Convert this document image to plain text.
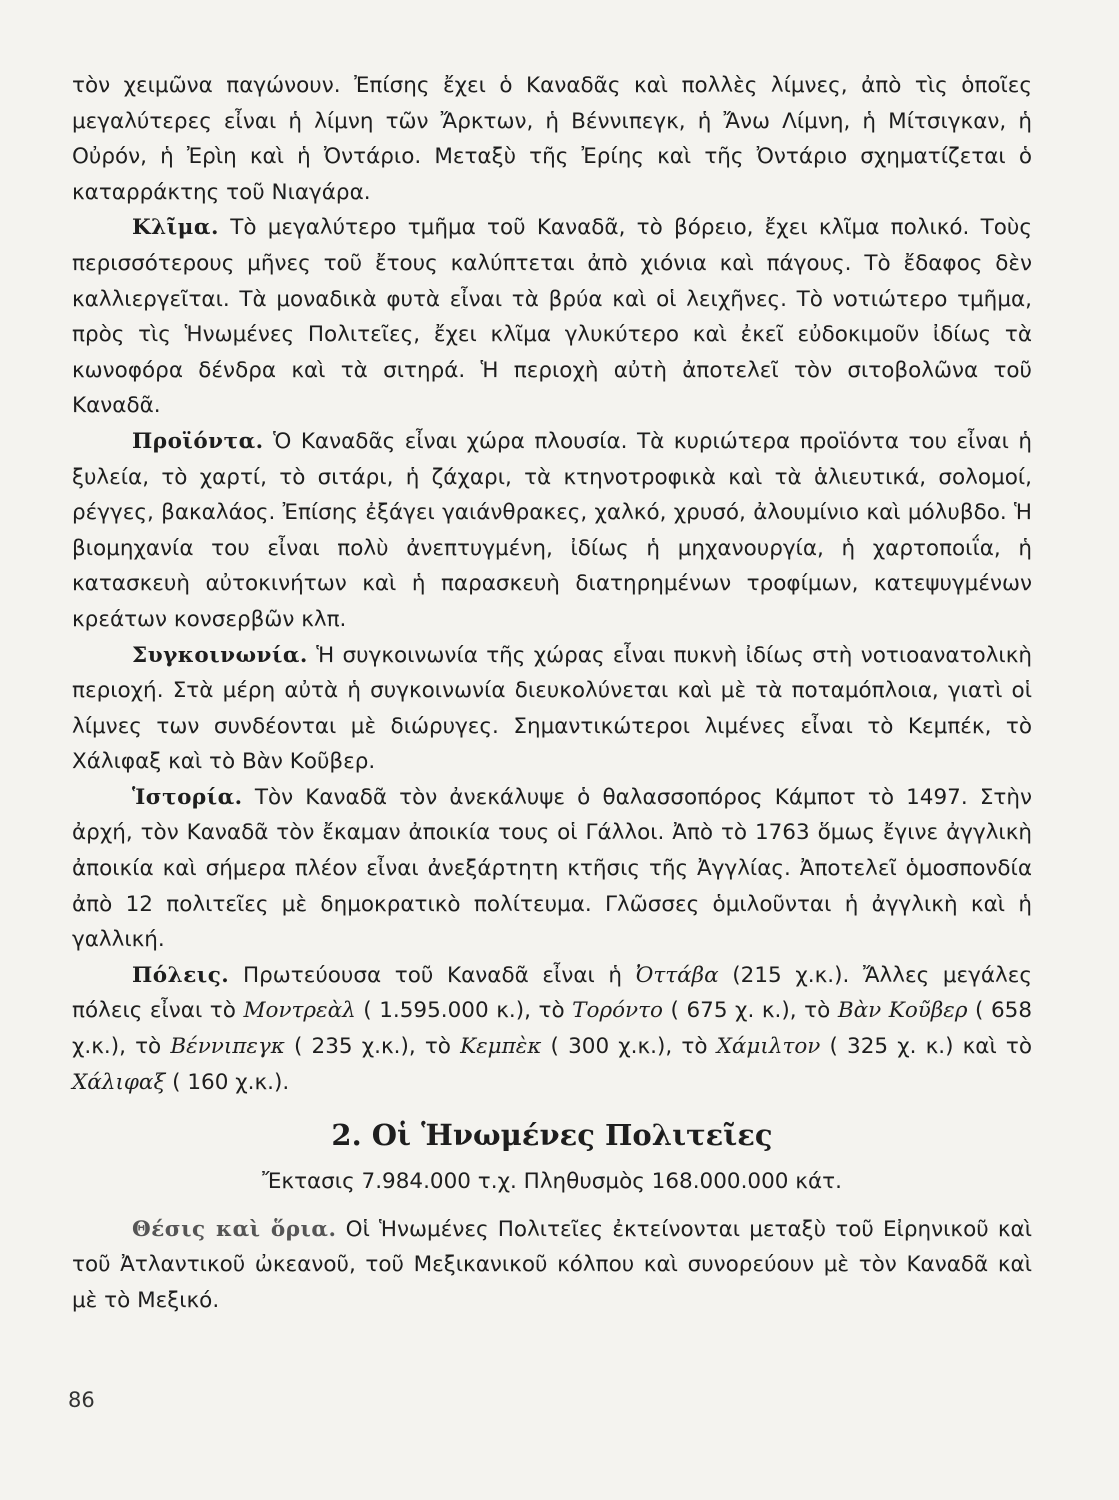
τὸν χειμῶνα παγώνουν. Ἐπίσης ἔχει ὁ Καναδᾶς καὶ πολλὲς λίμνες, ἀπὸ τὶς ὁποῖες μεγαλύτερες εἶναι ἡ λίμνη τῶν Ἄρκτων, ἡ Βέννιπεγκ, ἡ Ἄνω Λίμνη, ἡ Μίτσιγκαν, ἡ Οὐρόν, ἡ Ἐρὶη καὶ ἡ Ὀντάριο. Μεταξὺ τῆς Ἐρίης καὶ τῆς Ὀντάριο σχηματίζεται ὁ καταρράκτης τοῦ Νιαγάρα.

Κλῖμα. Τὸ μεγαλύτερο τμῆμα τοῦ Καναδᾶ, τὸ βόρειο, ἔχει κλῖμα πολικό. Τοὺς περισσότερους μῆνες τοῦ ἔτους καλύπτεται ἀπὸ χιόνια καὶ πάγους. Τὸ ἔδαφος δὲν καλλιεργεῖται. Τὰ μοναδικὰ φυτὰ εἶναι τὰ βρύα καὶ οἱ λειχῆνες. Τὸ νοτιώτερο τμῆμα, πρὸς τὶς Ἡνωμένες Πολιτεῖες, ἔχει κλῖμα γλυκύτερο καὶ ἐκεῖ εὐδοκιμοῦν ἰδίως τὰ κωνοφόρα δένδρα καὶ τὰ σιτηρά. Ἡ περιοχὴ αὐτὴ ἀποτελεῖ τὸν σιτοβολῶνα τοῦ Καναδᾶ.

Προϊόντα. Ὁ Καναδᾶς εἶναι χώρα πλουσία. Τὰ κυριώτερα προϊόντα του εἶναι ἡ ξυλεία, τὸ χαρτί, τὸ σιτάρι, ἡ ζάχαρι, τὰ κτηνοτροφικὰ καὶ τὰ ἁλιευτικά, σολομοί, ρέγγες, βακαλάος. Ἐπίσης ἐξάγει γαιάνθρακες, χαλκό, χρυσό, ἀλουμίνιο καὶ μόλυβδο. Ἡ βιομηχανία του εἶναι πολὺ ἀνεπτυγμένη, ἰδίως ἡ μηχανουργία, ἡ χαρτοποιΐα, ἡ κατασκευὴ αὐτοκινήτων καὶ ἡ παρασκευὴ διατηρημένων τροφίμων, κατεψυγμένων κρεάτων κονσερβῶν κλπ.

Συγκοινωνία. Ἡ συγκοινωνία τῆς χώρας εἶναι πυκνὴ ἰδίως στὴ νοτιοανατολικὴ περιοχή. Στὰ μέρη αὐτὰ ἡ συγκοινωνία διευκολύνεται καὶ μὲ τὰ ποταμόπλοια, γιατὶ οἱ λίμνες των συνδέονται μὲ διώρυγες. Σημαντικώτεροι λιμένες εἶναι τὸ Κεμπέκ, τὸ Χάλιφαξ καὶ τὸ Βὰν Κοῦβερ.

Ἱστορία. Τὸν Καναδᾶ τὸν ἀνεκάλυψε ὁ θαλασσοπόρος Κάμποτ τὸ 1497. Στὴν ἀρχή, τὸν Καναδᾶ τὸν ἔκαμαν ἀποικία τους οἱ Γάλλοι. Ἀπὸ τὸ 1763 ὅμως ἔγινε ἀγγλικὴ ἀποικία καὶ σήμερα πλέον εἶναι ἀνεξάρτητη κτῆσις τῆς Ἀγγλίας. Ἀποτελεῖ ὁμοσπονδία ἀπὸ 12 πολιτεῖες μὲ δημοκρατικὸ πολίτευμα. Γλῶσσες ὁμιλοῦνται ἡ ἀγγλικὴ καὶ ἡ γαλλική.

Πόλεις. Πρωτεύουσα τοῦ Καναδᾶ εἶναι ἡ Ὀττάβα (215 χ.κ.). Ἄλλες μεγάλες πόλεις εἶναι τὸ Μοντρεὰλ ( 1.595.000 κ.), τὸ Τορόντο ( 675 χ. κ.), τὸ Βὰν Κοῦβερ ( 658 χ.κ.), τὸ Βέννιπεγκ ( 235 χ.κ.), τὸ Κεμπὲκ ( 300 χ.κ.), τὸ Χάμιλτον ( 325 χ. κ.) καὶ τὸ Χάλιφαξ ( 160 χ.κ.).

2. Οἱ Ἡνωμένες Πολιτεῖες

Ἔκτασις 7.984.000 τ.χ. Πληθυσμὸς 168.000.000 κάτ.

Θέσις καὶ ὅρια. Οἱ Ἡνωμένες Πολιτεῖες ἐκτείνονται μεταξὺ τοῦ Εἰρηνικοῦ καὶ τοῦ Ἀτλαντικοῦ ὠκεανοῦ, τοῦ Μεξικανικοῦ κόλπου καὶ συνορεύουν μὲ τὸν Καναδᾶ καὶ μὲ τὸ Μεξικό.

86
